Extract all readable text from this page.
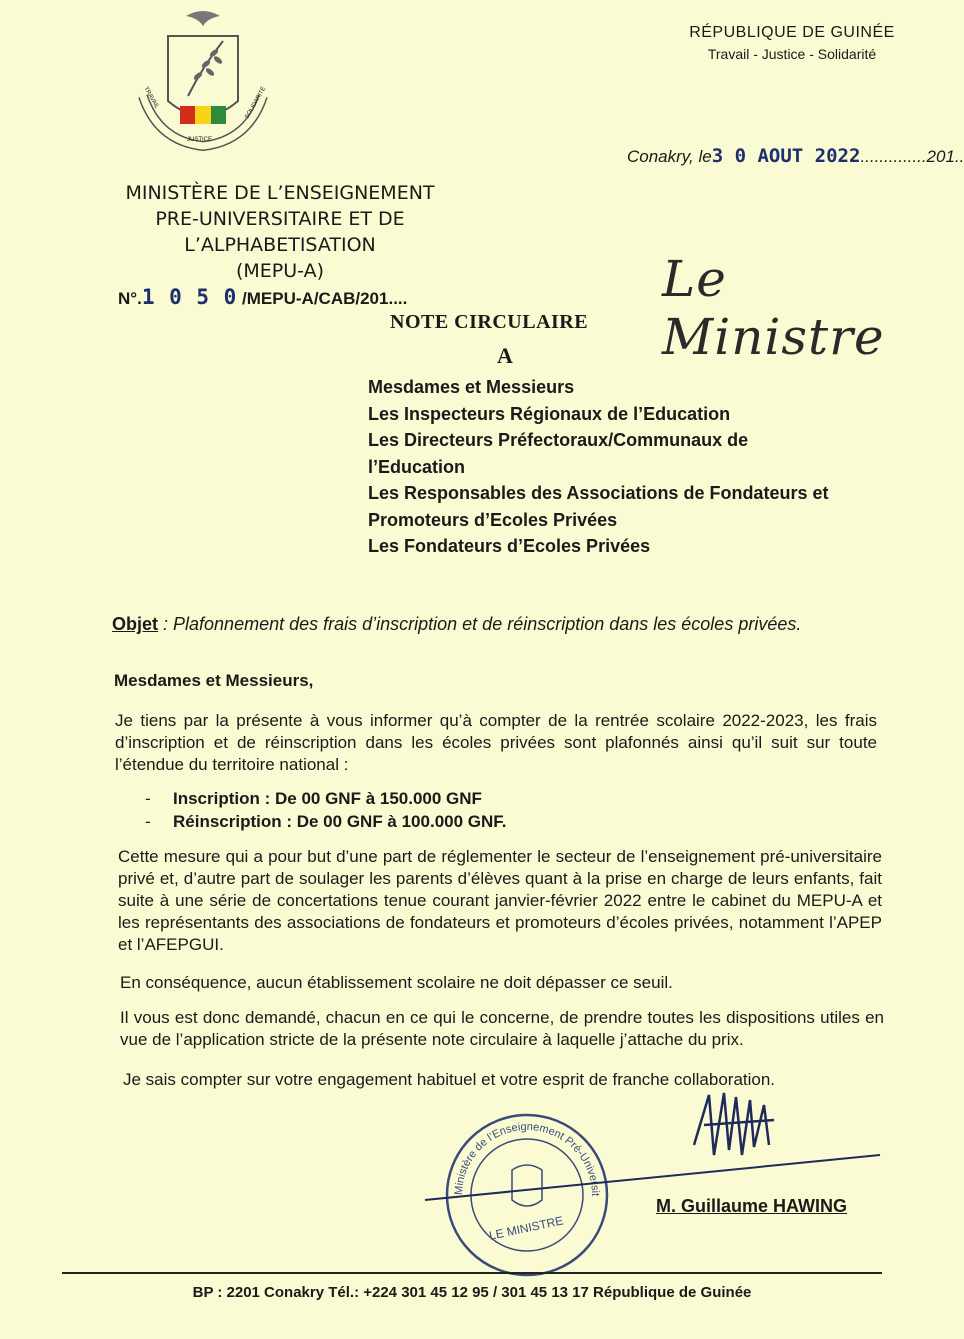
TRAVAIL
JUSTICE
SOLIDARITÉ
RÉPUBLIQUE DE GUINÉE
Travail - Justice - Solidarité
Conakry, le3 0 AOUT 2022..............201..
MINISTÈRE DE L’ENSEIGNEMENT
PRE-UNIVERSITAIRE ET DE L’ALPHABETISATION
(MEPU-A)
N°.1 0 5 0 /MEPU-A/CAB/201....	Le Ministre
NOTE CIRCULAIRE
A
Mesdames et Messieurs
Les Inspecteurs Régionaux de l’Education
Les Directeurs Préfectoraux/Communaux de
l’Education
Les Responsables des Associations de Fondateurs et
Promoteurs d’Ecoles Privées
Les Fondateurs d’Ecoles Privées
Objet : Plafonnement des frais d’inscription et de réinscription dans les écoles privées.
Mesdames et Messieurs,
Je tiens par la présente à vous informer qu’à compter de la rentrée scolaire 2022-2023, les frais d’inscription et de réinscription dans les écoles privées sont plafonnés ainsi qu’il suit sur toute l’étendue du territoire national :
- Inscription : De 00 GNF à 150.000 GNF
- Réinscription : De 00 GNF à 100.000 GNF.
Cette mesure qui a pour but d’une part de réglementer le secteur de l’enseignement pré-universitaire privé et, d’autre part de soulager les parents d’élèves quant à la prise en charge de leurs enfants, fait suite à une série de concertations tenue courant janvier-février 2022 entre le cabinet du MEPU-A et les représentants des associations de fondateurs et promoteurs d’écoles privées, notamment l’APEP et l’AFEPGUI.
En conséquence, aucun établissement scolaire ne doit dépasser ce seuil.
Il vous est donc demandé, chacun en ce qui le concerne, de prendre toutes les dispositions utiles en vue de l’application stricte de la présente note circulaire à laquelle j’attache du prix.
Je sais compter sur votre engagement habituel et votre esprit de franche collaboration.
Ministère de l’Enseignement Pré-Universit
LE MINISTRE
M. Guillaume HAWING
BP : 2201 Conakry Tél.: +224 301 45 12 95 / 301 45 13 17 République de Guinée
